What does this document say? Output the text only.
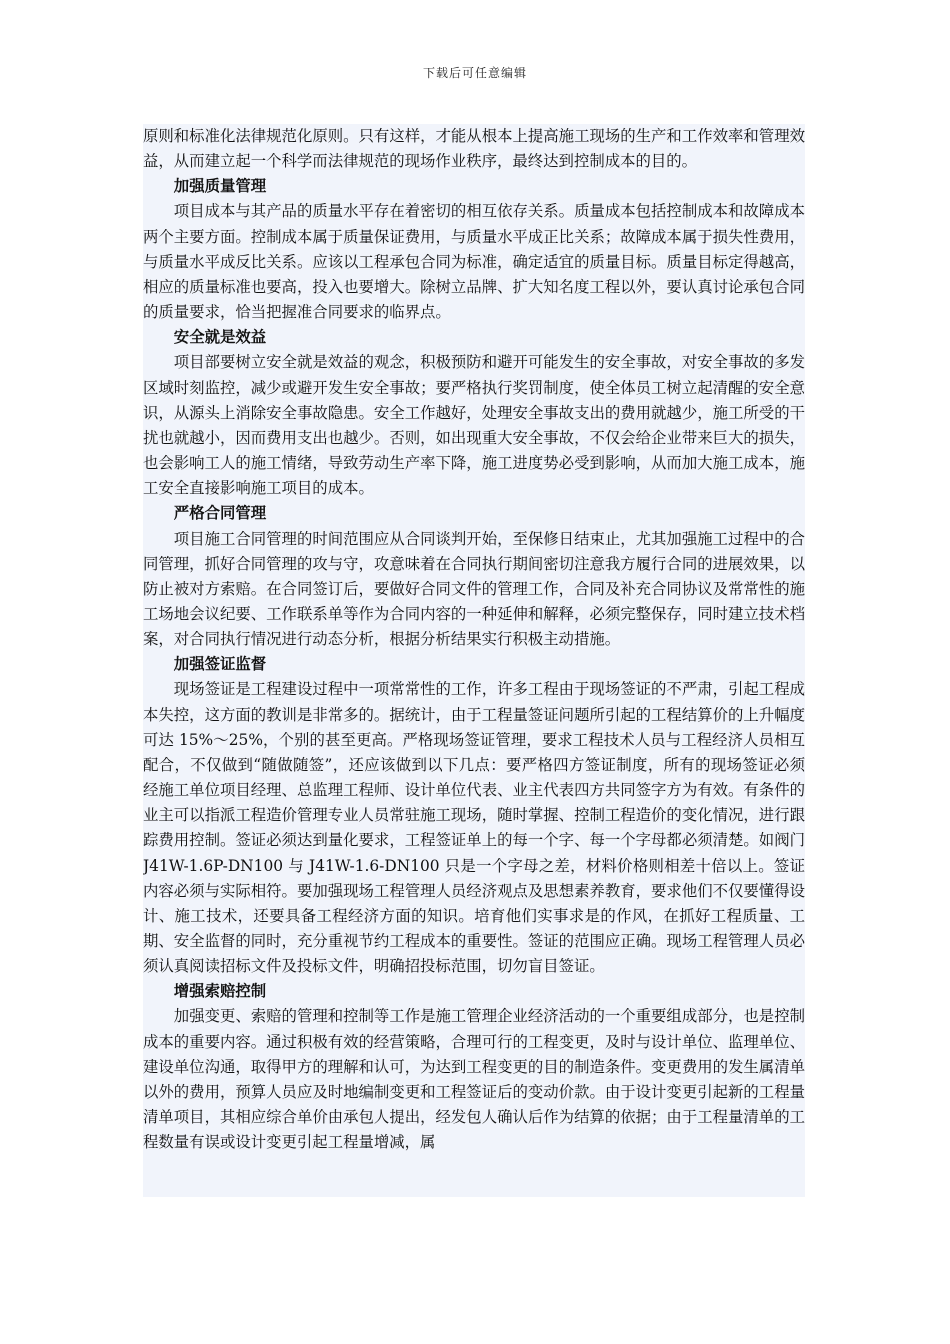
下载后可任意编辑

原则和标准化法律规范化原则。只有这样，才能从根本上提高施工现场的生产和工作效率和管理效益，从而建立起一个科学而法律规范的现场作业秩序，最终达到控制成本的目的。

加强质量管理

项目成本与其产品的质量水平存在着密切的相互依存关系。质量成本包括控制成本和故障成本两个主要方面。控制成本属于质量保证费用，与质量水平成正比关系；故障成本属于损失性费用，与质量水平成反比关系。应该以工程承包合同为标准，确定适宜的质量目标。质量目标定得越高，相应的质量标准也要高，投入也要增大。除树立品牌、扩大知名度工程以外，要认真讨论承包合同的质量要求，恰当把握准合同要求的临界点。

安全就是效益

项目部要树立安全就是效益的观念，积极预防和避开可能发生的安全事故，对安全事故的多发区域时刻监控，减少或避开发生安全事故；要严格执行奖罚制度，使全体员工树立起清醒的安全意识，从源头上消除安全事故隐患。安全工作越好，处理安全事故支出的费用就越少，施工所受的干扰也就越小，因而费用支出也越少。否则，如出现重大安全事故，不仅会给企业带来巨大的损失，也会影响工人的施工情绪，导致劳动生产率下降，施工进度势必受到影响，从而加大施工成本，施工安全直接影响施工项目的成本。

严格合同管理

项目施工合同管理的时间范围应从合同谈判开始，至保修日结束止，尤其加强施工过程中的合同管理，抓好合同管理的攻与守，攻意味着在合同执行期间密切注意我方履行合同的进展效果，以防止被对方索赔。在合同签订后，要做好合同文件的管理工作，合同及补充合同协议及常常性的施工场地会议纪要、工作联系单等作为合同内容的一种延伸和解释，必须完整保存，同时建立技术档案，对合同执行情况进行动态分析，根据分析结果实行积极主动措施。

加强签证监督

现场签证是工程建设过程中一项常常性的工作，许多工程由于现场签证的不严肃，引起工程成本失控，这方面的教训是非常多的。据统计，由于工程量签证问题所引起的工程结算价的上升幅度可达 15%～25%，个别的甚至更高。严格现场签证管理，要求工程技术人员与工程经济人员相互配合，不仅做到“随做随签”，还应该做到以下几点：要严格四方签证制度，所有的现场签证必须经施工单位项目经理、总监理工程师、设计单位代表、业主代表四方共同签字方为有效。有条件的业主可以指派工程造价管理专业人员常驻施工现场，随时掌握、控制工程造价的变化情况，进行跟踪费用控制。签证必须达到量化要求，工程签证单上的每一个字、每一个字母都必须清楚。如阀门 J41W-1.6P-DN100 与 J41W-1.6-DN100 只是一个字母之差，材料价格则相差十倍以上。签证内容必须与实际相符。要加强现场工程管理人员经济观点及思想素养教育，要求他们不仅要懂得设计、施工技术，还要具备工程经济方面的知识。培育他们实事求是的作风，在抓好工程质量、工期、安全监督的同时，充分重视节约工程成本的重要性。签证的范围应正确。现场工程管理人员必须认真阅读招标文件及投标文件，明确招投标范围，切勿盲目签证。

增强索赔控制

加强变更、索赔的管理和控制等工作是施工管理企业经济活动的一个重要组成部分，也是控制成本的重要内容。通过积极有效的经营策略，合理可行的工程变更，及时与设计单位、监理单位、建设单位沟通，取得甲方的理解和认可，为达到工程变更的目的制造条件。变更费用的发生属清单以外的费用，预算人员应及时地编制变更和工程签证后的变动价款。由于设计变更引起新的工程量清单项目，其相应综合单价由承包人提出，经发包人确认后作为结算的依据；由于工程量清单的工程数量有误或设计变更引起工程量增减，属
